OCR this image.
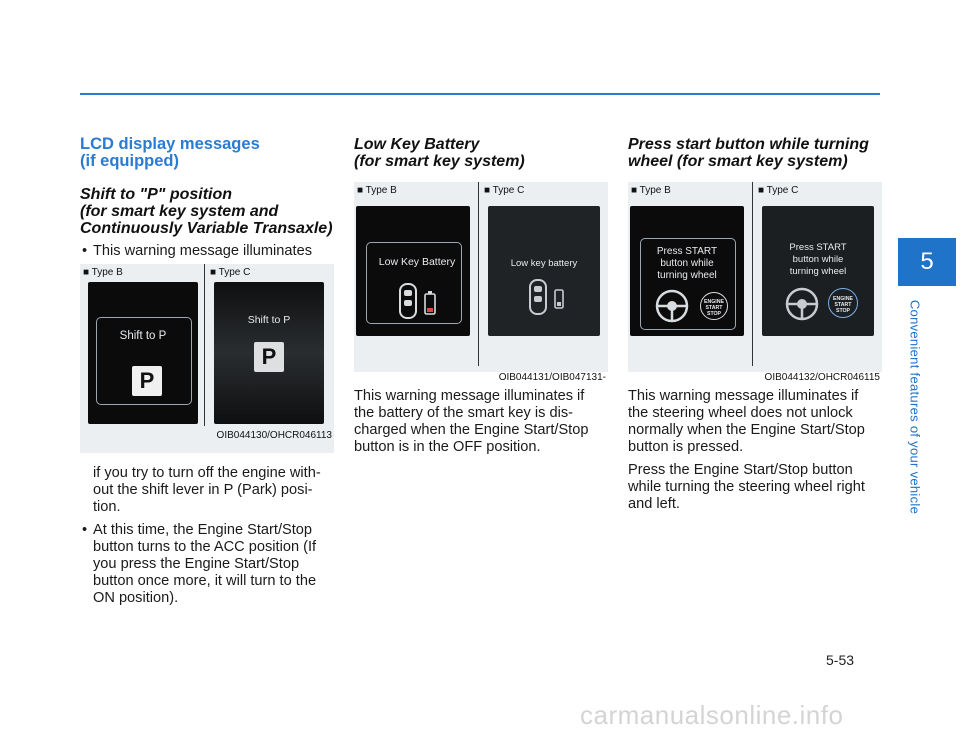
5
Convenient features of your vehicle
LCD display messages
(if equipped)
Shift to "P" position
(for smart key system and
Continuously Variable Transaxle)
• This warning message illuminates
■ Type B	■ Type C
Shift to P
P
Shift to P
P
OIB044130/OHCR046113
if you try to turn off the engine with-
out the shift lever in P (Park) posi-
tion.
• At this time, the Engine Start/Stop
button turns to the ACC position (If
you press the Engine Start/Stop
button once more, it will turn to the
ON position).
Low Key Battery
(for smart key system)
■ Type B	■ Type C
Low Key Battery	Low key battery
OIB044131/OIB047131-
This warning message illuminates if
the battery of the smart key is dis-
charged when the Engine Start/Stop
button is in the OFF position.
Press start button while turning
wheel (for smart key system)
■ Type B	■ Type C
Press START
button while
turning wheel
ENGINE
START
STOP
Press START
button while
turning wheel
ENGINE
START
STOP
OIB044132/OHCR046115
This warning message illuminates if
the steering wheel does not unlock
normally when the Engine Start/Stop
button is pressed.
Press the Engine Start/Stop button
while turning the steering wheel right
and left.
5-53
carmanualsonline.info
